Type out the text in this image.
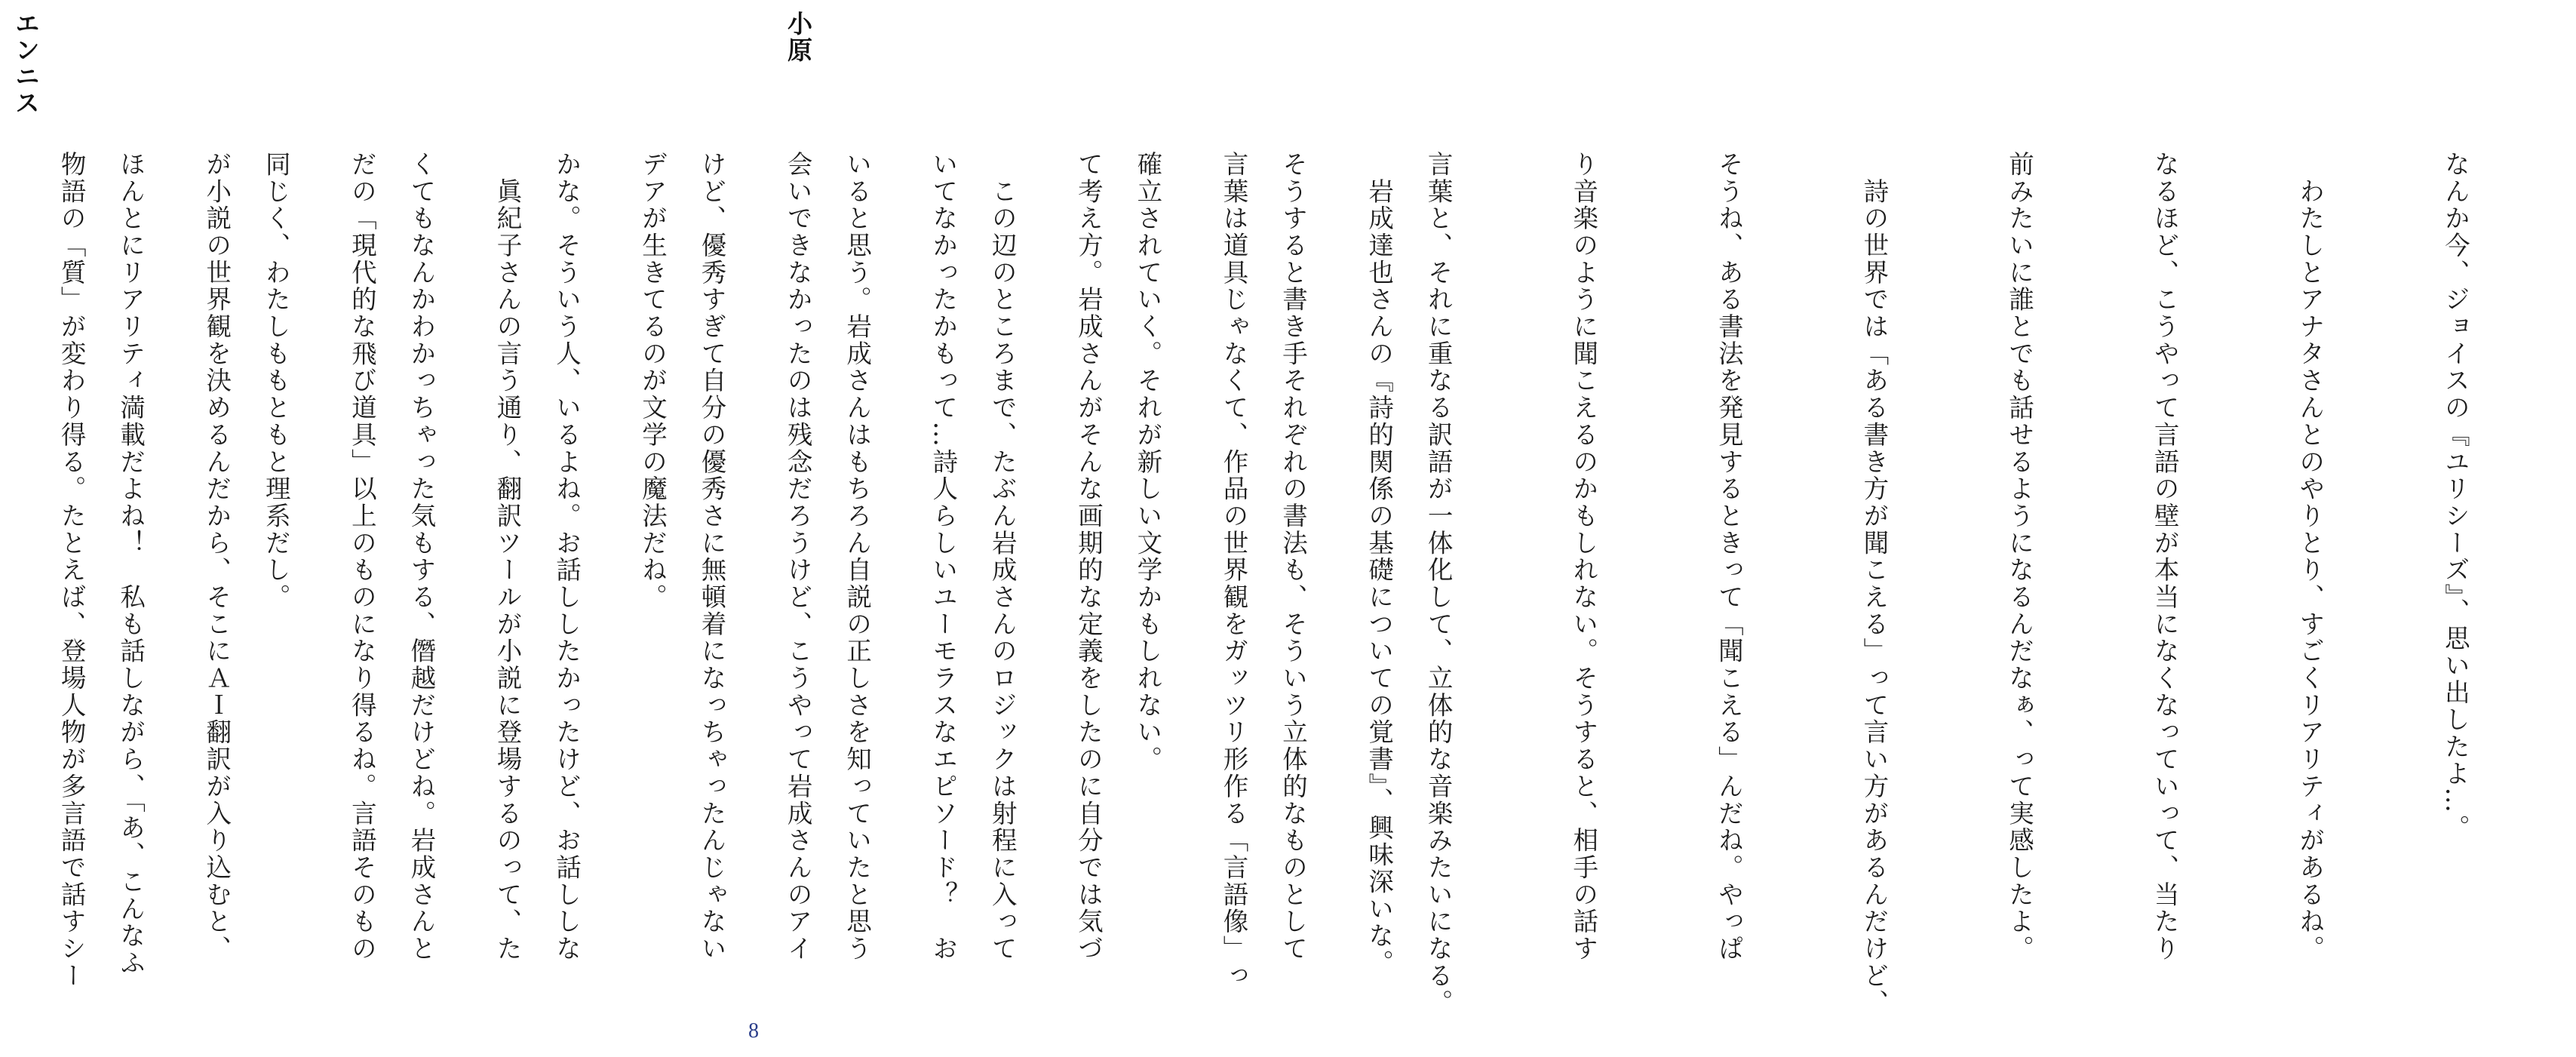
小原

　岩成達也さんの『詩的関係の基礎についての覚書』、興味深いな。

言葉は道具じゃなくて、作品の世界観をガッツリ形作る「言語像」っ

て考え方。岩成さんがそんな画期的な定義をしたのに自分では気づ

いてなかったかもって…詩人らしいユーモラスなエピソード？　お

会いできなかったのは残念だろうけど、こうやって岩成さんのアイ

デアが生きてるのが文学の魔法だね。

　眞紀子さんの言う通り、翻訳ツールが小説に登場するのって、た

だの「現代的な飛び道具」以上のものになり得るね。言語そのもの

が小説の世界観を決めるんだから、そこにＡＩ翻訳が入り込むと、

物語の「質」が変わり得る。たとえば、登場人物が多言語で話すシー

エンニス

なんか今、ジョイスの『ユリシーズ』、思い出したよ…。

　わたしとアナタさんとのやりとり、すごくリアリティがあるね。

なるほど、こうやって言語の壁が本当になくなっていって、当たり

前みたいに誰とでも話せるようになるんだなぁ、って実感したよ。

　詩の世界では「ある書き方が聞こえる」って言い方があるんだけど、

そうね、ある書法を発見するときって「聞こえる」んだね。やっぱ

り音楽のように聞こえるのかもしれない。そうすると、相手の話す

言葉と、それに重なる訳語が一体化して、立体的な音楽みたいになる。

そうすると書き手それぞれの書法も、そういう立体的なものとして

確立されていく。それが新しい文学かもしれない。

　この辺のところまで、たぶん岩成さんのロジックは射程に入って

いると思う。岩成さんはもちろん自説の正しさを知っていたと思う

けど、優秀すぎて自分の優秀さに無頓着になっちゃったんじゃない

かな。そういう人、いるよね。お話ししたかったけど、お話ししな

くてもなんかわかっちゃった気もする、僭越だけどね。岩成さんと

同じく、わたしももともと理系だし。

ほんとにリアリティ満載だよね！　私も話しながら、「あ、こんなふ

8
